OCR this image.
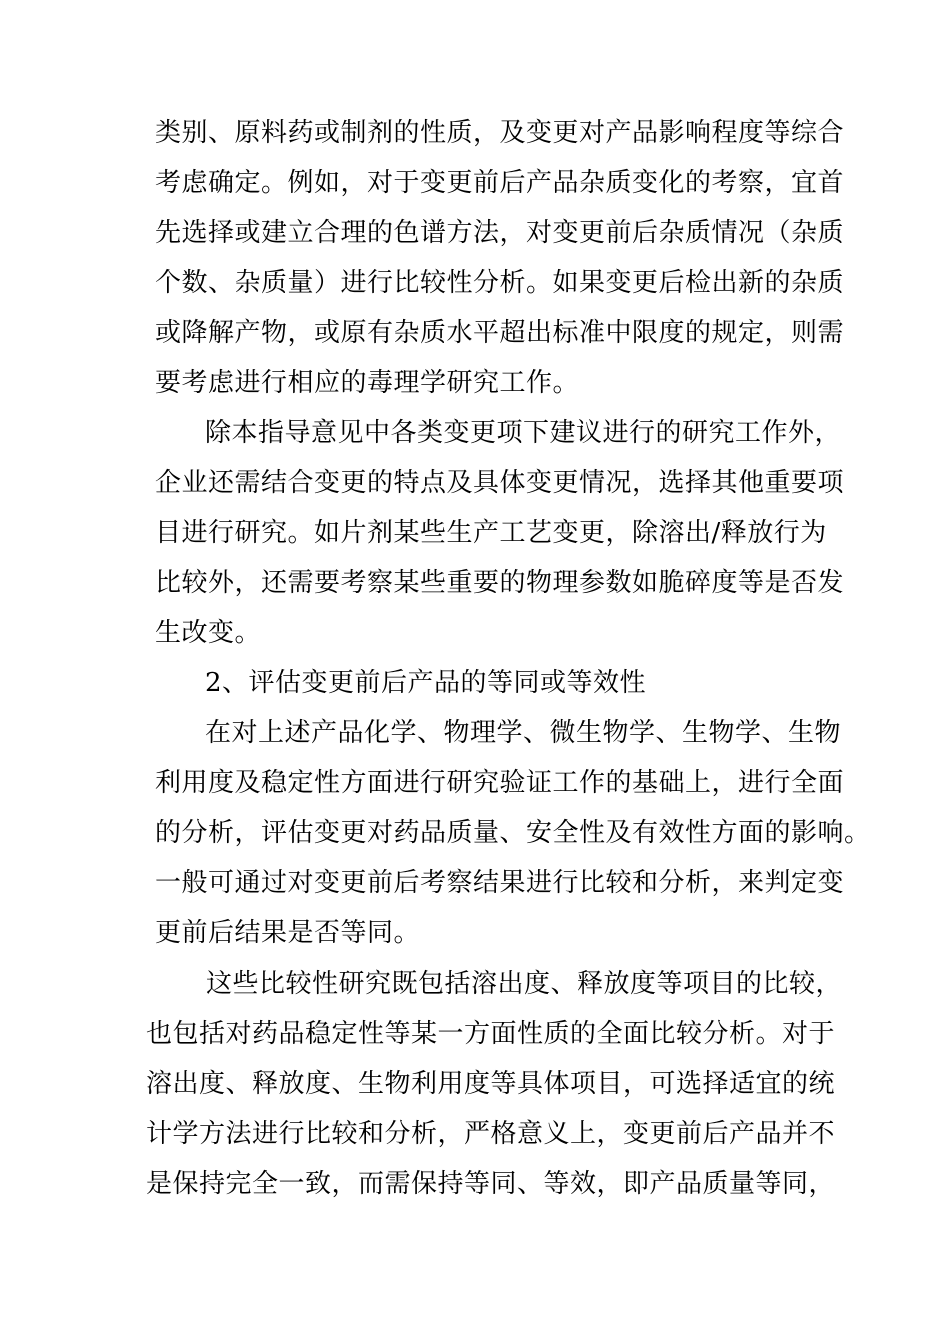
类别、原料药或制剂的性质，及变更对产品影响程度等综合
考虑确定。例如，对于变更前后产品杂质变化的考察，宜首
先选择或建立合理的色谱方法，对变更前后杂质情况（杂质
个数、杂质量）进行比较性分析。如果变更后检出新的杂质
或降解产物，或原有杂质水平超出标准中限度的规定，则需
要考虑进行相应的毒理学研究工作。
除本指导意见中各类变更项下建议进行的研究工作外，
企业还需结合变更的特点及具体变更情况，选择其他重要项
目进行研究。如片剂某些生产工艺变更，除溶出/释放行为
比较外，还需要考察某些重要的物理参数如脆碎度等是否发
生改变。
2、评估变更前后产品的等同或等效性
在对上述产品化学、物理学、微生物学、生物学、生物
利用度及稳定性方面进行研究验证工作的基础上，进行全面
的分析，评估变更对药品质量、安全性及有效性方面的影响。
一般可通过对变更前后考察结果进行比较和分析，来判定变
更前后结果是否等同。
这些比较性研究既包括溶出度、释放度等项目的比较，
也包括对药品稳定性等某一方面性质的全面比较分析。对于
溶出度、释放度、生物利用度等具体项目，可选择适宜的统
计学方法进行比较和分析，严格意义上，变更前后产品并不
是保持完全一致，而需保持等同、等效，即产品质量等同，
